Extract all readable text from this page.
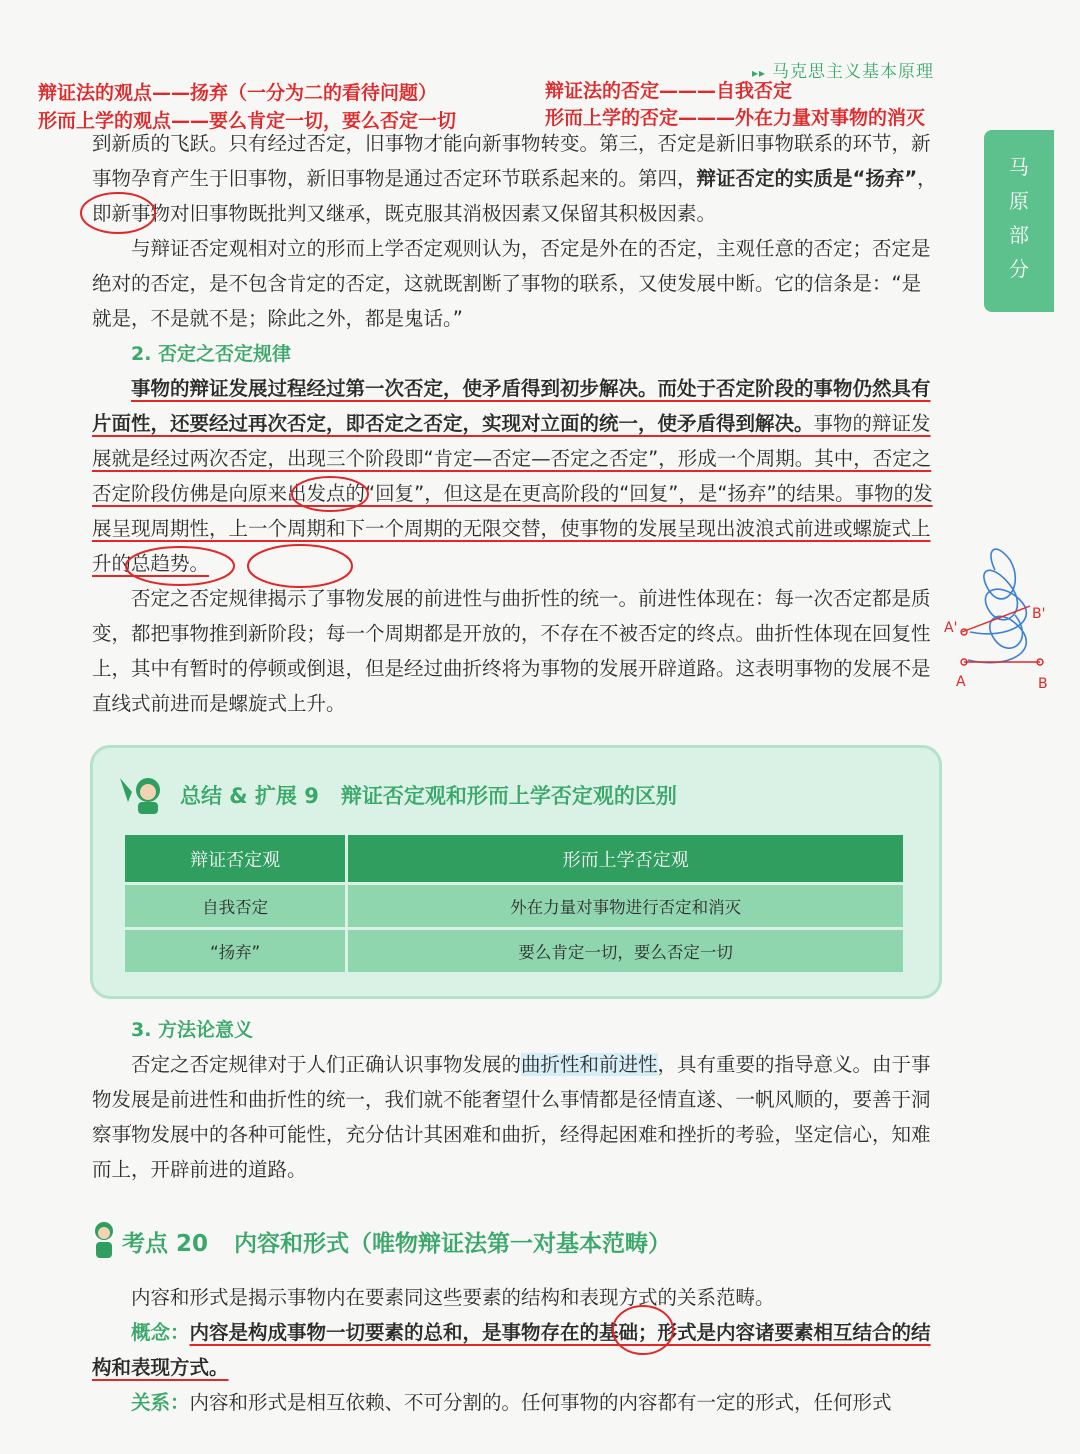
▸▸ 马克思主义基本原理
辩证法的观点——扬弃（一分为二的看待问题）
形而上学的观点——要么肯定一切，要么否定一切
辩证法的否定———自我否定
形而上学的否定———外在力量对事物的消灭
马
原
部
分

到新质的飞跃。只有经过否定，旧事物才能向新事物转变。第三，否定是新旧事物联系的环节，新事物孕育产生于旧事物，新旧事物是通过否定环节联系起来的。第四，辩证否定的实质是“扬弃”，即新事物对旧事物既批判又继承，既克服其消极因素又保留其积极因素。

与辩证否定观相对立的形而上学否定观则认为，否定是外在的否定，主观任意的否定；否定是绝对的否定，是不包含肯定的否定，这就既割断了事物的联系，又使发展中断。它的信条是：“是就是，不是就不是；除此之外，都是鬼话。”

2. 否定之否定规律

事物的辩证发展过程经过第一次否定，使矛盾得到初步解决。而处于否定阶段的事物仍然具有片面性，还要经过再次否定，即否定之否定，实现对立面的统一，使矛盾得到解决。事物的辩证发展就是经过两次否定，出现三个阶段即“肯定—否定—否定之否定”，形成一个周期。其中，否定之否定阶段仿佛是向原来出发点的“回复”，但这是在更高阶段的“回复”，是“扬弃”的结果。事物的发展呈现周期性，上一个周期和下一个周期的无限交替，使事物的发展呈现出波浪式前进或螺旋式上升的总趋势。

否定之否定规律揭示了事物发展的前进性与曲折性的统一。前进性体现在：每一次否定都是质变，都把事物推到新阶段；每一个周期都是开放的，不存在不被否定的终点。曲折性体现在回复性上，其中有暂时的停顿或倒退，但是经过曲折终将为事物的发展开辟道路。这表明事物的发展不是直线式前进而是螺旋式上升。

总结 & 扩展 9 辩证否定观和形而上学否定观的区别
辩证否定观	形而上学否定观
自我否定	外在力量对事物进行否定和消灭
“扬弃”	要么肯定一切，要么否定一切
3. 方法论意义

否定之否定规律对于人们正确认识事物发展的曲折性和前进性，具有重要的指导意义。由于事物发展是前进性和曲折性的统一，我们就不能奢望什么事情都是径情直遂、一帆风顺的，要善于洞察事物发展中的各种可能性，充分估计其困难和曲折，经得起困难和挫折的考验，坚定信心，知难而上，开辟前进的道路。

考点 20 内容和形式（唯物辩证法第一对基本范畴）

内容和形式是揭示事物内在要素同这些要素的结构和表现方式的关系范畴。

概念：内容是构成事物一切要素的总和，是事物存在的基础；形式是内容诸要素相互结合的结构和表现方式。

关系：内容和形式是相互依赖、不可分割的。任何事物的内容都有一定的形式，任何形式

A'
A
B'
B
